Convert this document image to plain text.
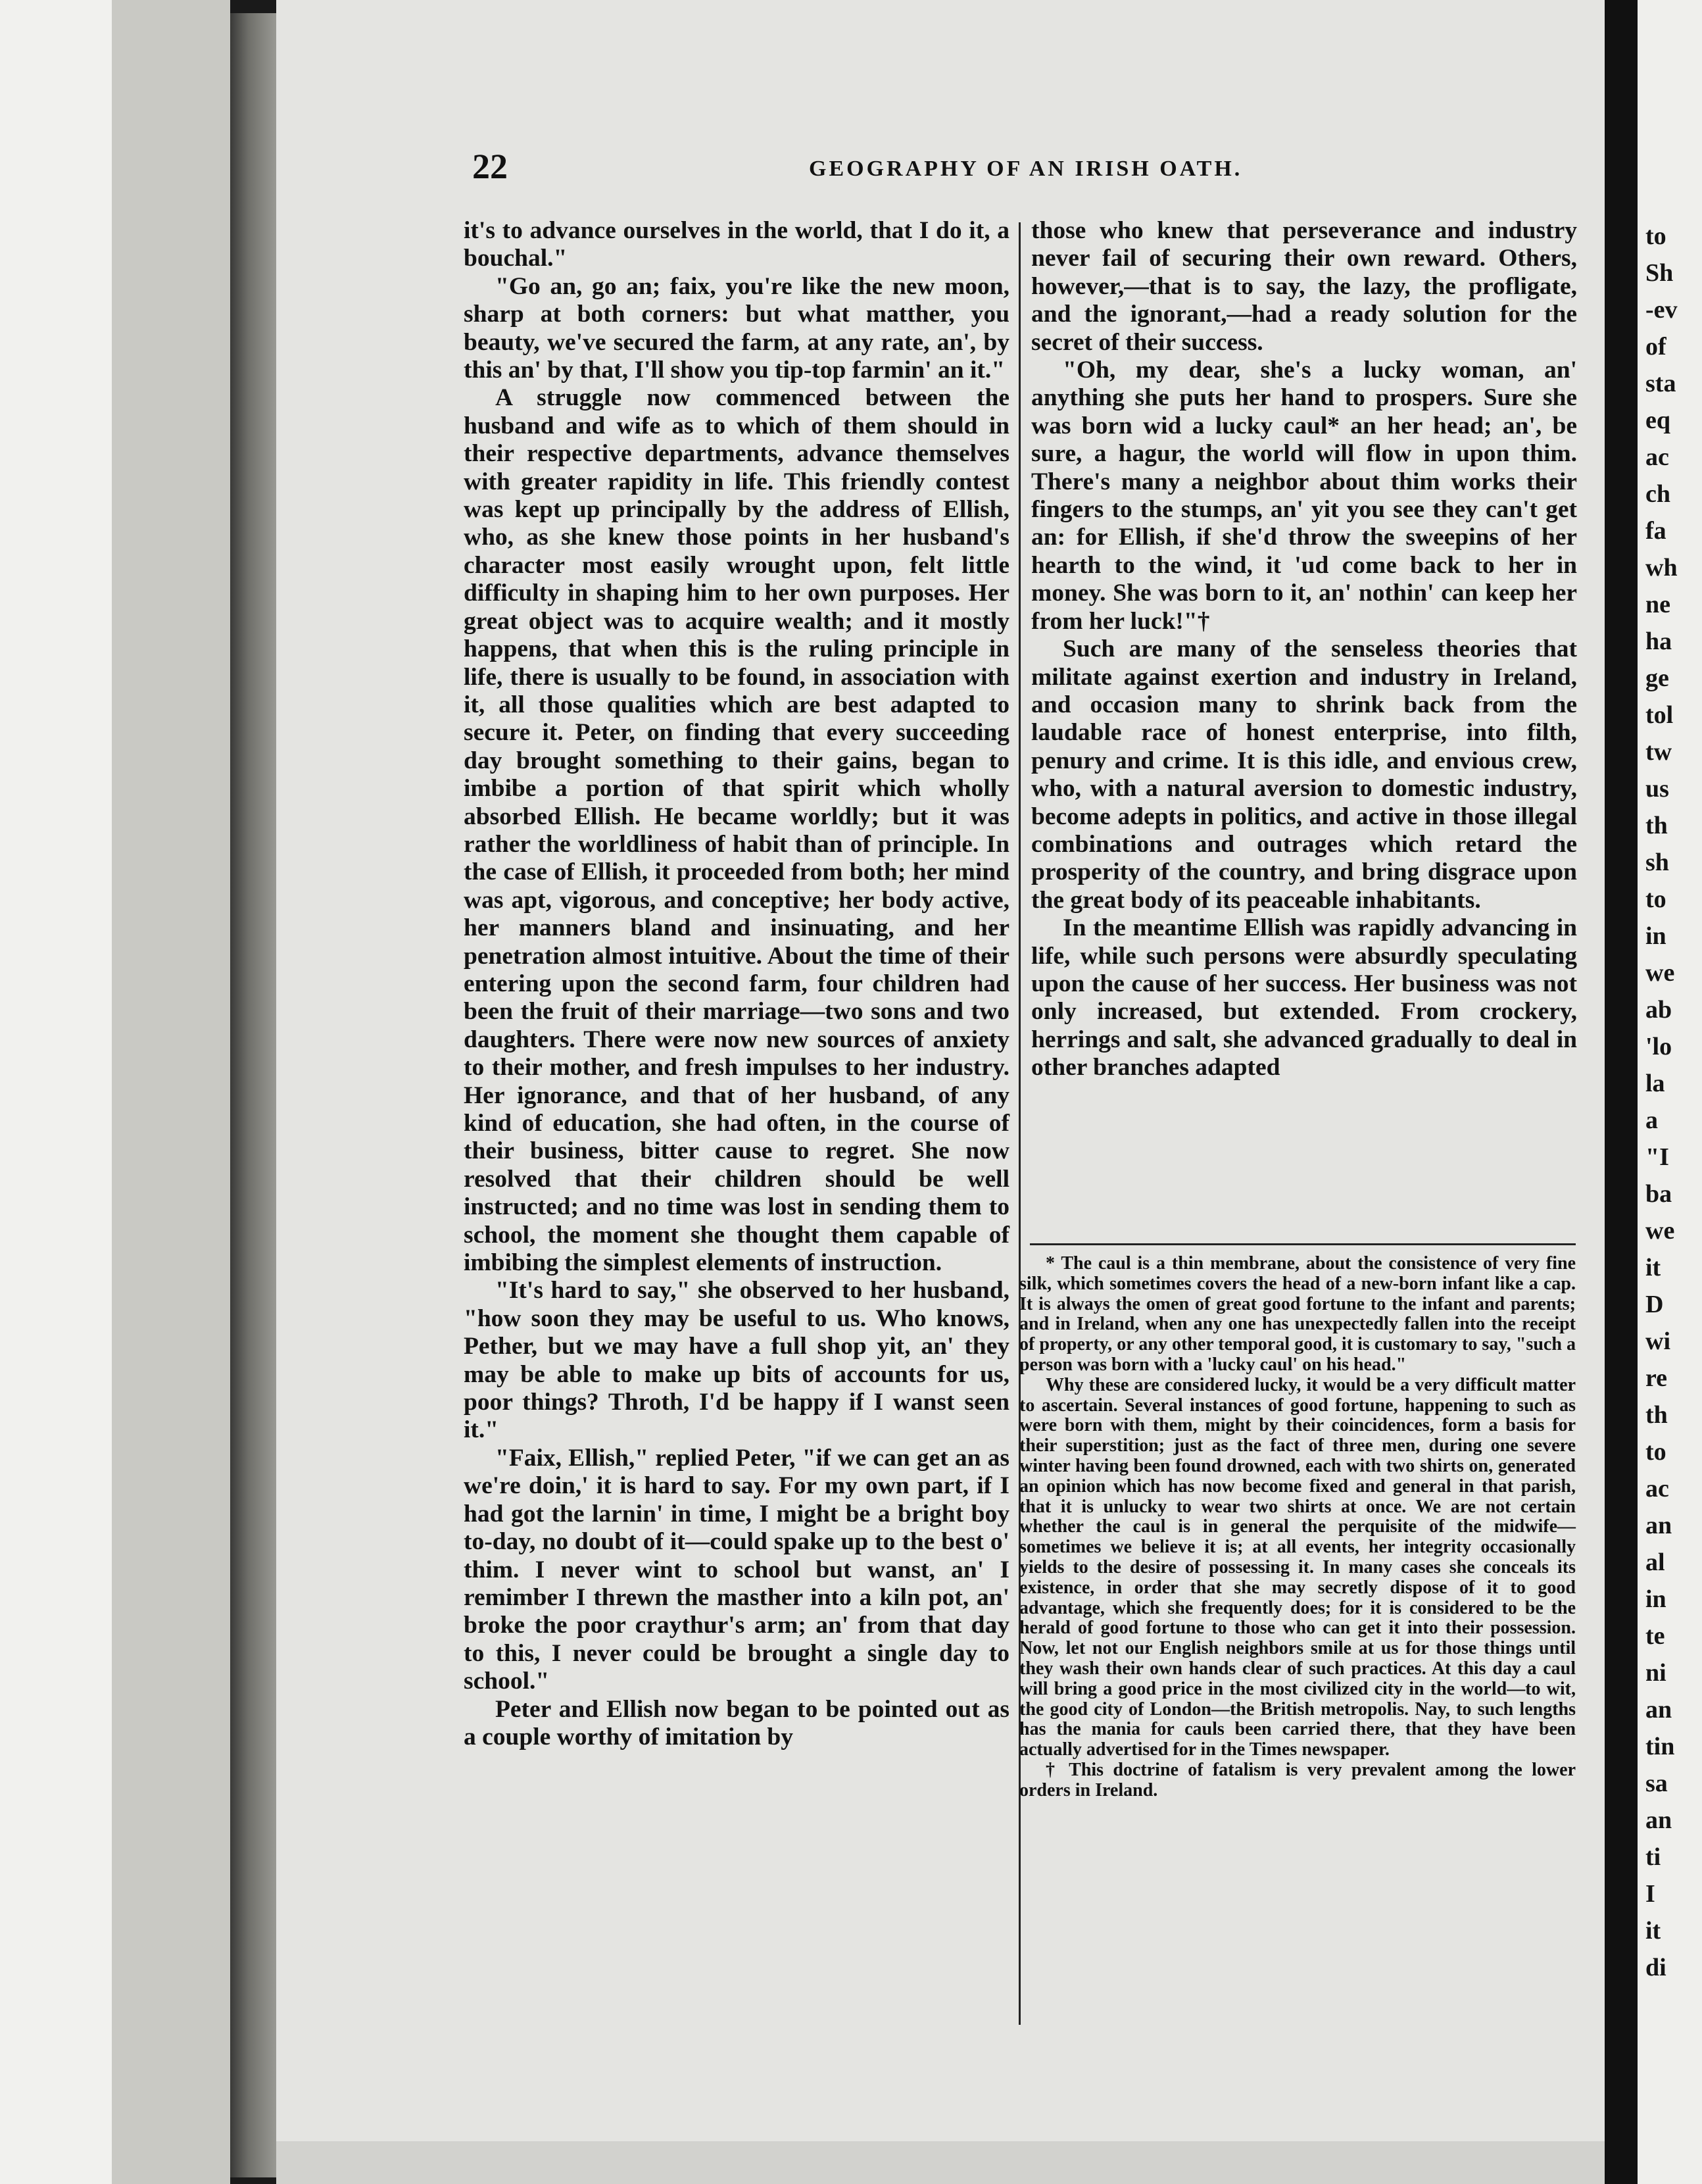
22	GEOGRAPHY OF AN IRISH OATH.

it's to advance ourselves in the world, that I do it, a bouchal."

"Go an, go an; faix, you're like the new moon, sharp at both corners: but what matther, you beauty, we've secured the farm, at any rate, an', by this an' by that, I'll show you tip-top farmin' an it."

A struggle now commenced between the husband and wife as to which of them should in their respective departments, advance themselves with greater rapidity in life. This friendly contest was kept up principally by the address of Ellish, who, as she knew those points in her husband's character most easily wrought upon, felt little difficulty in shaping him to her own purposes. Her great object was to acquire wealth; and it mostly happens, that when this is the ruling principle in life, there is usually to be found, in association with it, all those qualities which are best adapted to secure it. Peter, on finding that every succeeding day brought something to their gains, began to imbibe a portion of that spirit which wholly absorbed Ellish. He became worldly; but it was rather the worldliness of habit than of principle. In the case of Ellish, it proceeded from both; her mind was apt, vigorous, and conceptive; her body active, her manners bland and insinuating, and her penetration almost intuitive. About the time of their entering upon the second farm, four children had been the fruit of their marriage—two sons and two daughters. There were now new sources of anxiety to their mother, and fresh impulses to her industry. Her ignorance, and that of her husband, of any kind of education, she had often, in the course of their business, bitter cause to regret. She now resolved that their children should be well instructed; and no time was lost in sending them to school, the moment she thought them capable of imbibing the simplest elements of instruction.

"It's hard to say," she observed to her husband, "how soon they may be useful to us. Who knows, Pether, but we may have a full shop yit, an' they may be able to make up bits of accounts for us, poor things? Throth, I'd be happy if I wanst seen it."

"Faix, Ellish," replied Peter, "if we can get an as we're doin,' it is hard to say. For my own part, if I had got the larnin' in time, I might be a bright boy to-day, no doubt of it—could spake up to the best o' thim. I never wint to school but wanst, an' I remimber I threwn the masther into a kiln pot, an' broke the poor craythur's arm; an' from that day to this, I never could be brought a single day to school."

Peter and Ellish now began to be pointed out as a couple worthy of imitation by

those who knew that perseverance and industry never fail of securing their own reward. Others, however,—that is to say, the lazy, the profligate, and the ignorant,—had a ready solution for the secret of their success.

"Oh, my dear, she's a lucky woman, an' anything she puts her hand to prospers. Sure she was born wid a lucky caul* an her head; an', be sure, a hagur, the world will flow in upon thim. There's many a neighbor about thim works their fingers to the stumps, an' yit you see they can't get an: for Ellish, if she'd throw the sweepins of her hearth to the wind, it 'ud come back to her in money. She was born to it, an' nothin' can keep her from her luck!"†

Such are many of the senseless theories that militate against exertion and industry in Ireland, and occasion many to shrink back from the laudable race of honest enterprise, into filth, penury and crime. It is this idle, and envious crew, who, with a natural aversion to domestic industry, become adepts in politics, and active in those illegal combinations and outrages which retard the prosperity of the country, and bring disgrace upon the great body of its peaceable inhabitants.

In the meantime Ellish was rapidly advancing in life, while such persons were absurdly speculating upon the cause of her success. Her business was not only increased, but extended. From crockery, herrings and salt, she advanced gradually to deal in other branches adapted

* The caul is a thin membrane, about the consistence of very fine silk, which sometimes covers the head of a new-born infant like a cap. It is always the omen of great good fortune to the infant and parents; and in Ireland, when any one has unexpectedly fallen into the receipt of property, or any other temporal good, it is customary to say, "such a person was born with a 'lucky caul' on his head."

Why these are considered lucky, it would be a very difficult matter to ascertain. Several instances of good fortune, happening to such as were born with them, might by their coincidences, form a basis for their superstition; just as the fact of three men, during one severe winter having been found drowned, each with two shirts on, generated an opinion which has now become fixed and general in that parish, that it is unlucky to wear two shirts at once. We are not certain whether the caul is in general the perquisite of the midwife—sometimes we believe it is; at all events, her integrity occasionally yields to the desire of possessing it. In many cases she conceals its existence, in order that she may secretly dispose of it to good advantage, which she frequently does; for it is considered to be the herald of good fortune to those who can get it into their possession. Now, let not our English neighbors smile at us for those things until they wash their own hands clear of such practices. At this day a caul will bring a good price in the most civilized city in the world—to wit, the good city of London—the British metropolis. Nay, to such lengths has the mania for cauls been carried there, that they have been actually advertised for in the Times newspaper.

† This doctrine of fatalism is very prevalent among the lower orders in Ireland.

to
Sh
-ev
of
sta
eq
ac
ch
fa
wh
ne
ha
ge
tol
tw
us
th
sh
to
in
we
ab
'lo
la
a
"I
ba
we
it
D
wi
re
th
to
ac
an
al
in
te
ni
an
tin
sa
an
ti
I
it
di
